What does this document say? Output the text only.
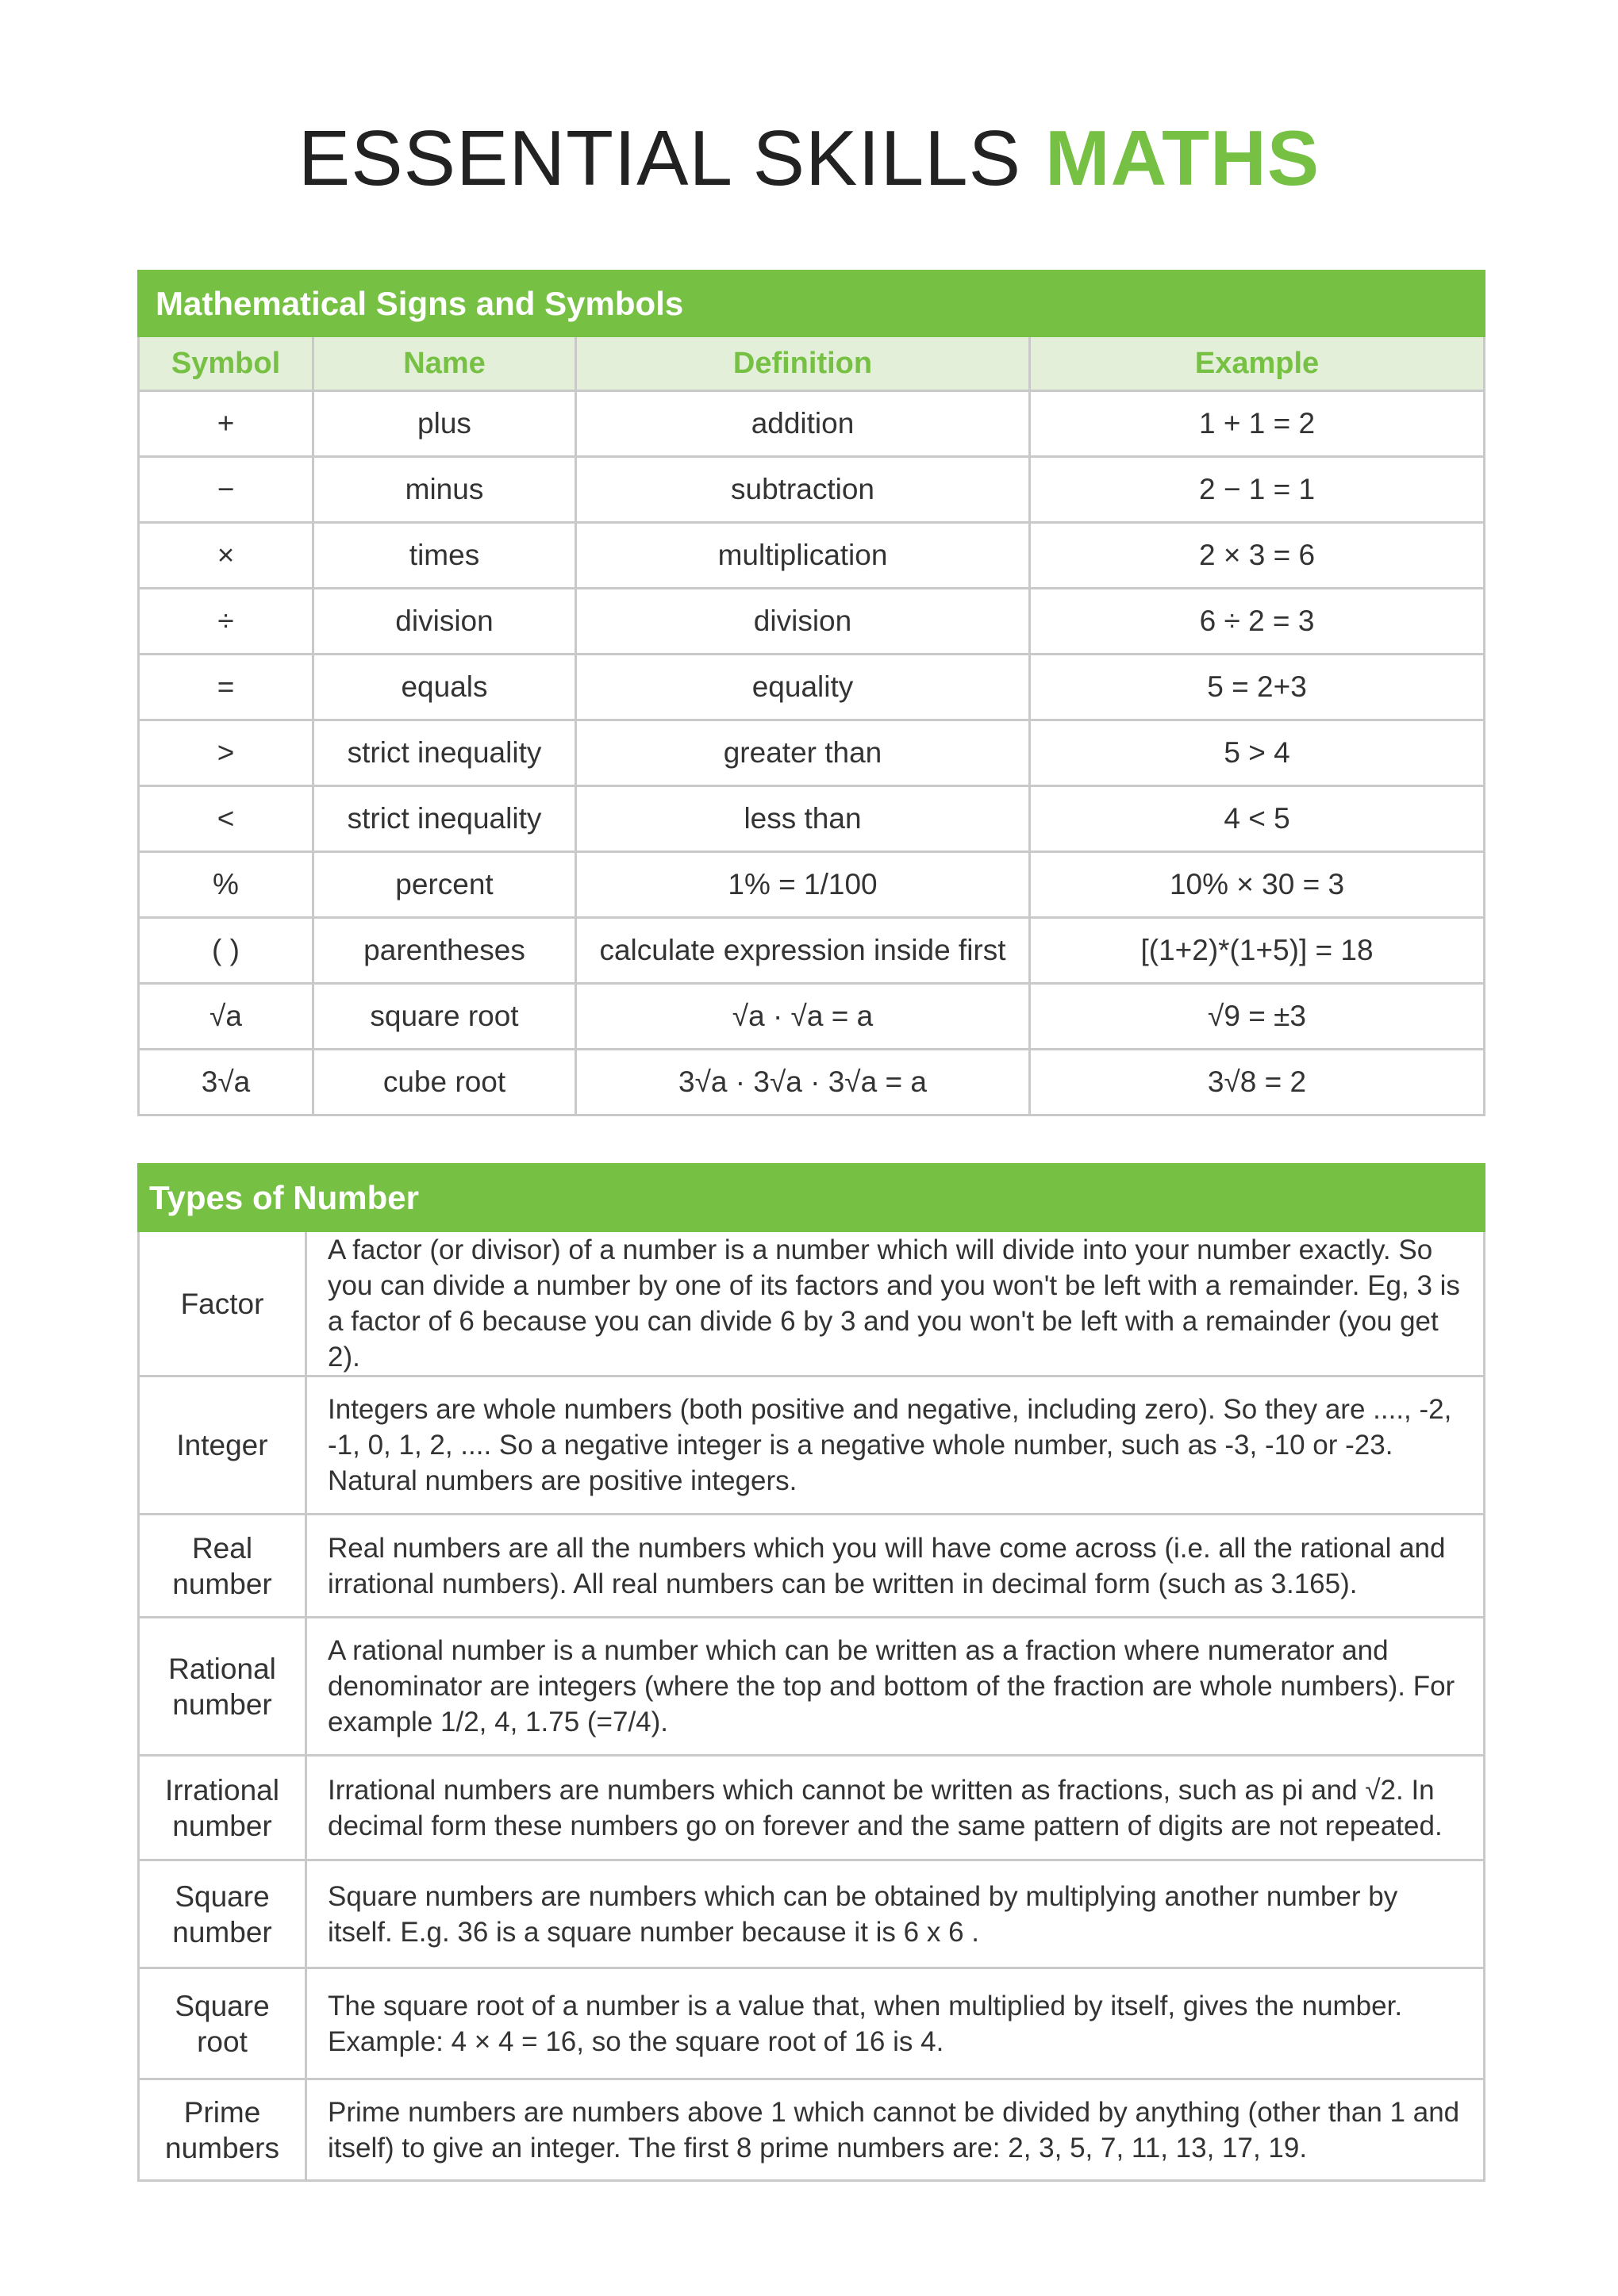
ESSENTIAL SKILLS MATHS
Mathematical Signs and Symbols			
Symbol	Name	Definition	Example
+	plus	addition	1 + 1 = 2
−	minus	subtraction	2 − 1 = 1
×	times	multiplication	2 × 3 = 6
÷	division	division	6 ÷ 2 = 3
=	equals	equality	5 = 2+3
>	strict inequality	greater than	5 > 4
<	strict inequality	less than	4 < 5
%	percent	1% = 1/100	10% × 30 = 3
( )	parentheses	calculate expression inside first	[(1+2)*(1+5)] = 18
√a	square root	√a · √a = a	√9 = ±3
3√a	cube root	3√a · 3√a · 3√a = a	3√8 = 2
Types of Number	
Factor	A factor (or divisor) of a number is a number which will divide into your number exactly. So you can divide a number by one of its factors and you won't be left with a remainder. Eg, 3 is a factor of 6 because you can divide 6 by 3 and you won't be left with a remainder (you get 2).
Integer	Integers are whole numbers (both positive and negative, including zero). So they are ...., -2, -1, 0, 1, 2, .... So a negative integer is a negative whole number, such as -3, -10 or -23. Natural numbers are positive integers.
Real number	Real numbers are all the numbers which you will have come across (i.e. all the rational and irrational numbers). All real numbers can be written in decimal form (such as 3.165).
Rational number	A rational number is a number which can be written as a fraction where numerator and denominator are integers (where the top and bottom of the fraction are whole numbers). For example 1/2, 4, 1.75 (=7/4).
Irrational number	Irrational numbers are numbers which cannot be written as fractions, such as pi and √2. In decimal form these numbers go on forever and the same pattern of digits are not repeated.
Square number	Square numbers are numbers which can be obtained by multiplying another number by itself. E.g. 36 is a square number because it is 6 x 6 .
Square root	The square root of a number is a value that, when multiplied by itself, gives the number. Example: 4 × 4 = 16, so the square root of 16 is 4.
Prime numbers	Prime numbers are numbers above 1 which cannot be divided by anything (other than 1 and itself) to give an integer. The first 8 prime numbers are: 2, 3, 5, 7, 11, 13, 17, 19.
